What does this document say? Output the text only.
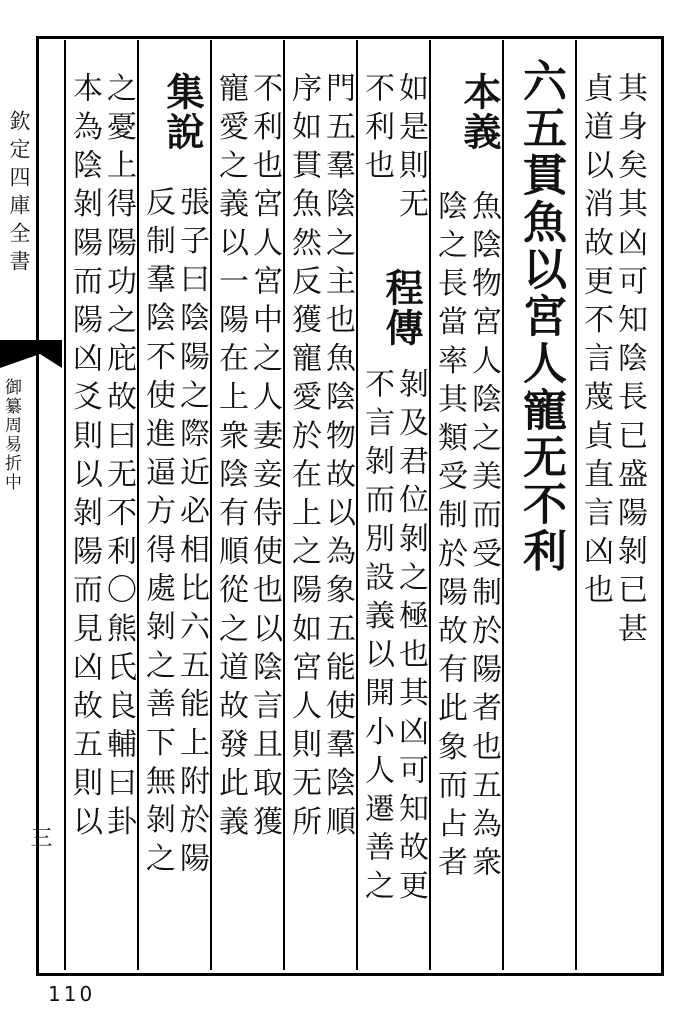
欽定四庫全書
御纂周易折中
三
110
其身矣其凶可知陰長已盛陽剝已甚
貞道以消故更不言蔑貞直言凶也
六五貫魚以宮人寵无不利
本義
魚陰物宮人陰之美而受制於陽者也五為衆
陰之長當率其類受制於陽故有此象而占者
如是則无
不利也
程傳
剝及君位剝之極也其凶可知故更
不言剝而別設義以開小人遷善之
門五羣陰之主也魚陰物故以為象五能使羣陰順
序如貫魚然反獲寵愛於在上之陽如宮人則无所
不利也宮人宮中之人妻妾侍使也以陰言且取獲
寵愛之義以一陽在上衆陰有順從之道故發此義
集說
張子曰陰陽之際近必相比六五能上附於陽
反制羣陰不使進逼方得處剝之善下無剝之
之憂上得陽功之庇故曰无不利〇熊氏良輔曰卦
本為陰剝陽而陽凶爻則以剝陽而見凶故五則以
